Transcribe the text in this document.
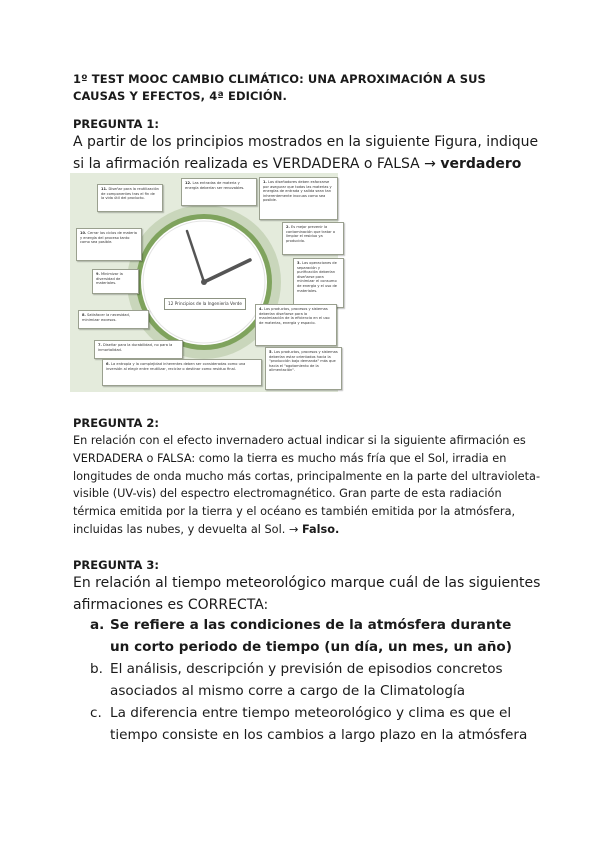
1º TEST MOOC CAMBIO CLIMÁTICO: UNA APROXIMACIÓN A SUS CAUSAS Y EFECTOS, 4ª EDICIÓN.
PREGUNTA 1:
A partir de los principios mostrados en la siguiente Figura, indique si la afirmación realizada es VERDADERA o FALSA → verdadero
11. Diseñar para la reutilización de componentes tras el fin de la vida útil del producto.
12. Las entradas de materia y energía deberían ser renovables.
1. Los diseñadores deben esforzarse por asegurar que todas las materias y energías de entrada y salida sean tan inherentemente inocuas como sea posible.
2. Es mejor prevenir la contaminación que tratar o limpiar el residuo ya producido.
10. Cerrar los ciclos de materia y energía del proceso tanto como sea posible.
9. Minimizar la diversidad de materiales.
3. Las operaciones de separación y purificación deberían diseñarse para minimizar el consumo de energía y el uso de materiales.
8. Satisfacer la necesidad, minimizar excesos.
4. Los productos, procesos y sistemas deberían diseñarse para la maximización de la eficiencia en el uso de materias, energía y espacio.
7. Diseñar para la durabilidad, no para la inmortalidad.
5. Los productos, procesos y sistemas deberían estar orientados hacia la "producción bajo demanda" más que hacia el "agotamiento de la alimentación".
6. La entropía y la complejidad inherentes deben ser consideradas como una inversión al elegir entre reutilizar, reciclar o destinar como residuo final.
12 Principios de la Ingeniería Verde
PREGUNTA 2:
En relación con el efecto invernadero actual indicar si la siguiente afirmación es VERDADERA o FALSA: como la tierra es mucho más fría que el Sol, irradia en longitudes de onda mucho más cortas, principalmente en la parte del ultravioleta-visible (UV-vis) del espectro electromagnético. Gran parte de esta radiación térmica emitida por la tierra y el océano es también emitida por la atmósfera, incluidas las nubes, y devuelta al Sol. → Falso.
PREGUNTA 3:
En relación al tiempo meteorológico marque cuál de las siguientes afirmaciones es CORRECTA:
a. Se refiere a las condiciones de la atmósfera durante un corto periodo de tiempo (un día, un mes, un año)
b. El análisis, descripción y previsión de episodios concretos asociados al mismo corre a cargo de la Climatología
c. La diferencia entre tiempo meteorológico y clima es que el tiempo consiste en los cambios a largo plazo en la atmósfera
